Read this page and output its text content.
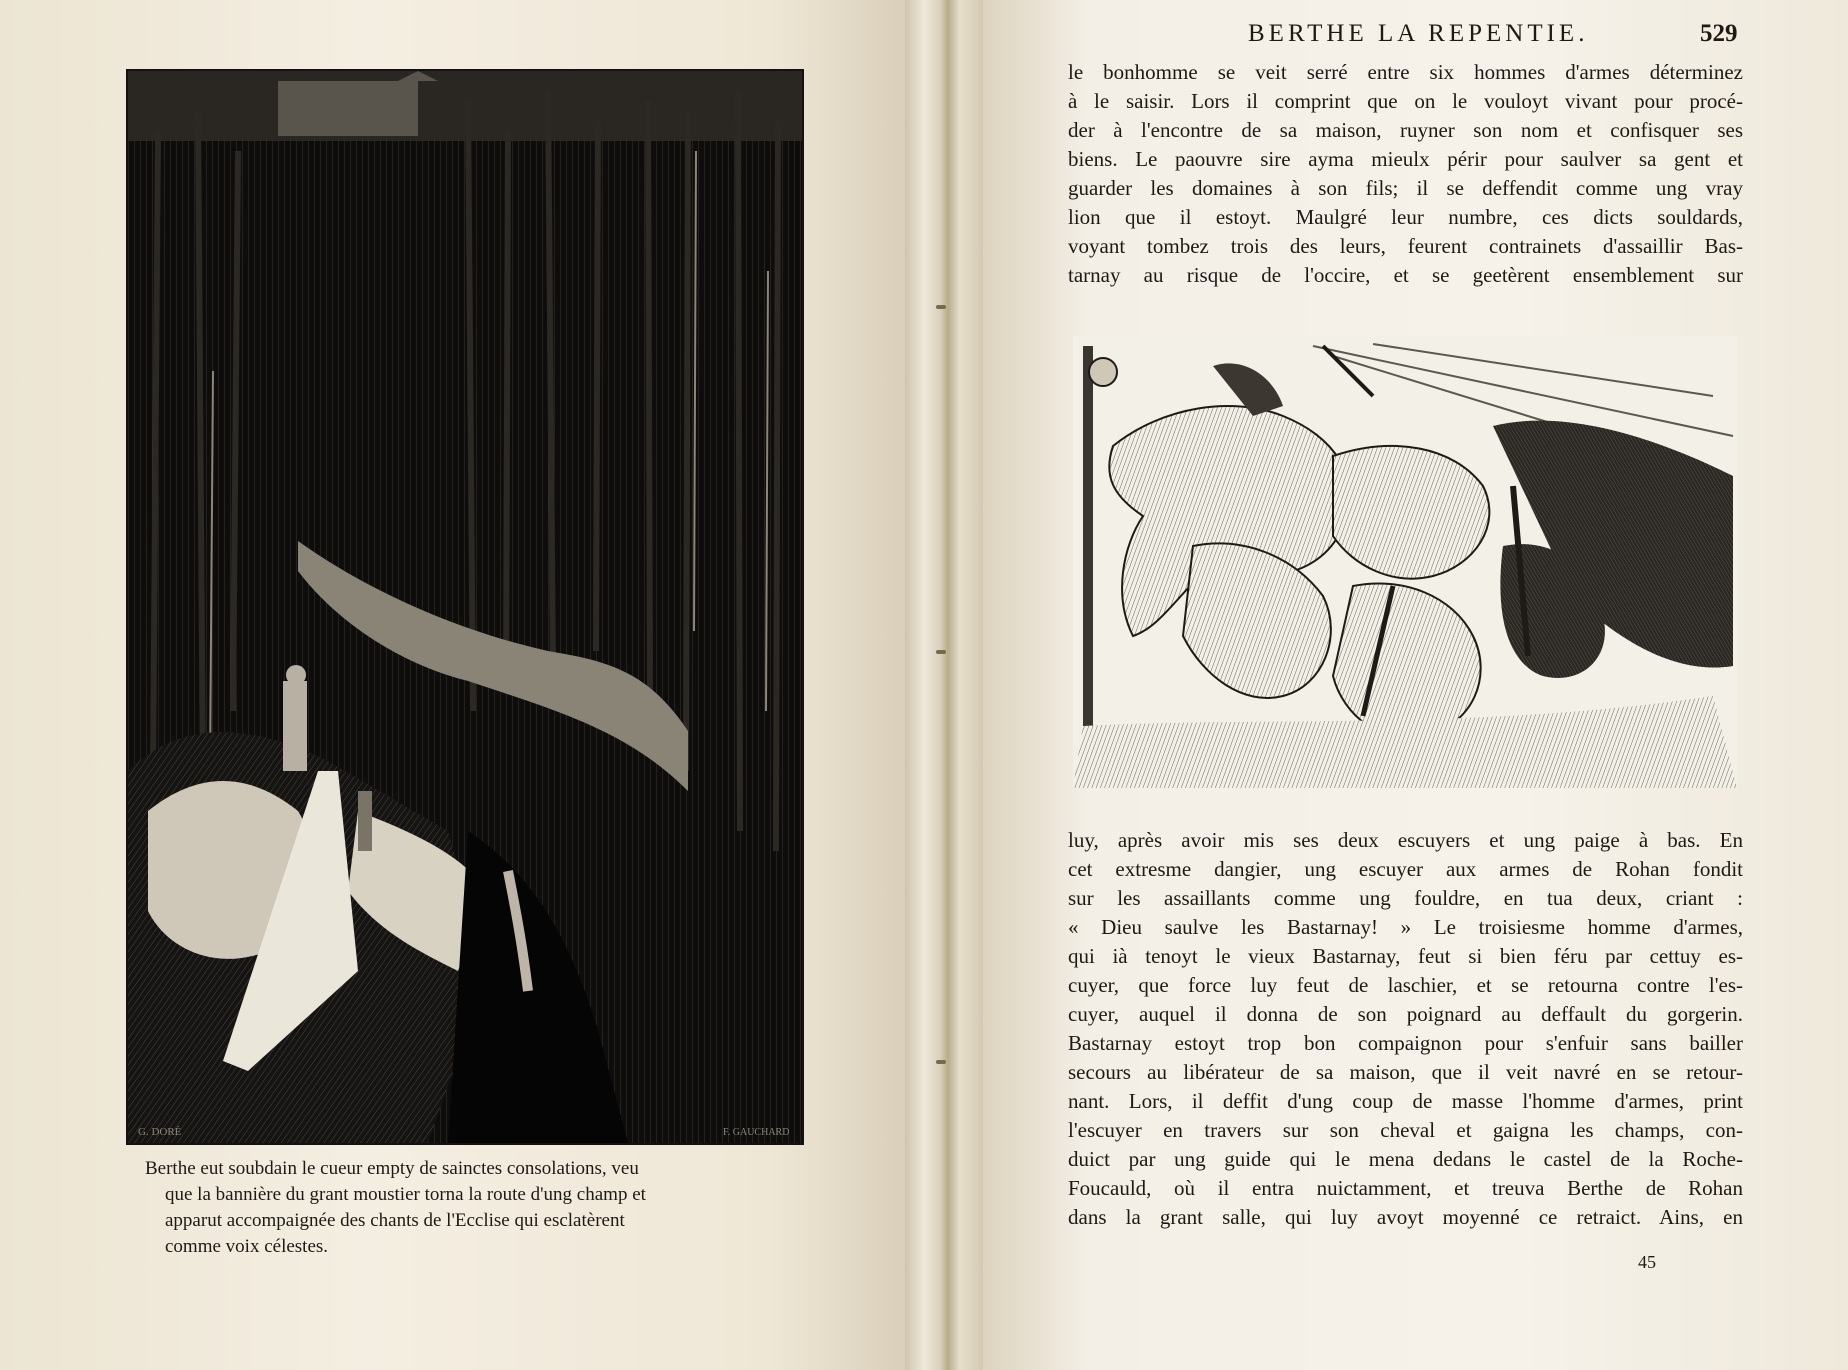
G. DORÉ	F. GAUCHARD
Berthe eut soubdain le cueur empty de sainctes consolations, veu
que la bannière du grant moustier torna la route d'ung champ et
apparut accompaignée des chants de l'Ecclise qui esclatèrent
comme voix célestes.
BERTHE LA REPENTIE.	529
le bonhomme se veit serré entre six hommes d'armes déterminez
à le saisir. Lors il comprint que on le vouloyt vivant pour procé-
der à l'encontre de sa maison, ruyner son nom et confisquer ses
biens. Le paouvre sire ayma mieulx périr pour saulver sa gent et
guarder les domaines à son fils; il se deffendit comme ung vray
lion que il estoyt. Maulgré leur numbre, ces dicts souldards,
voyant tombez trois des leurs, feurent contrainets d'assaillir Bas-
tarnay au risque de l'occire, et se geetèrent ensemblement sur
luy, après avoir mis ses deux escuyers et ung paige à bas. En
cet extresme dangier, ung escuyer aux armes de Rohan fondit
sur les assaillants comme ung fouldre, en tua deux, criant :
« Dieu saulve les Bastarnay! » Le troisiesme homme d'armes,
qui ià tenoyt le vieux Bastarnay, feut si bien féru par cettuy es-
cuyer, que force luy feut de laschier, et se retourna contre l'es-
cuyer, auquel il donna de son poignard au deffault du gorgerin.
Bastarnay estoyt trop bon compaignon pour s'enfuir sans bailler
secours au libérateur de sa maison, que il veit navré en se retour-
nant. Lors, il deffit d'ung coup de masse l'homme d'armes, print
l'escuyer en travers sur son cheval et gaigna les champs, con-
duict par ung guide qui le mena dedans le castel de la Roche-
Foucauld, où il entra nuictamment, et treuva Berthe de Rohan
dans la grant salle, qui luy avoyt moyenné ce retraict. Ains, en
45
